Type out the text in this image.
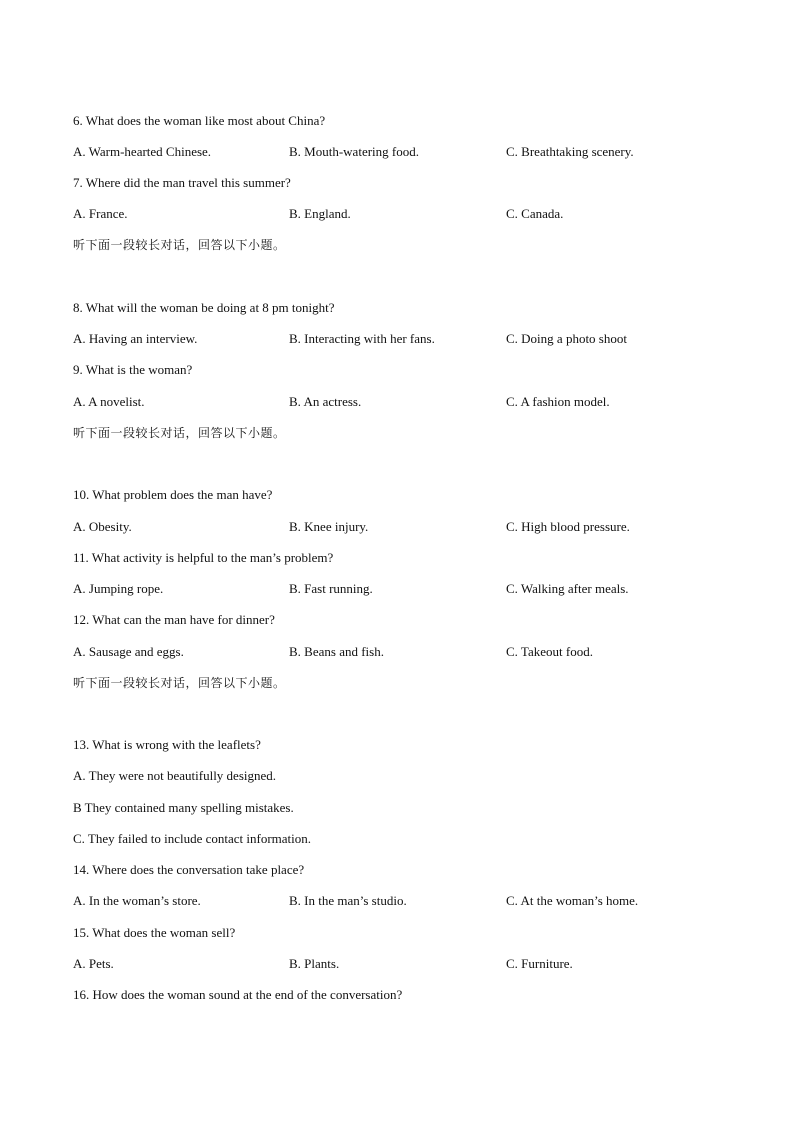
6. What does the woman like most about China?
A. Warm-hearted Chinese.	B. Mouth-watering food.	C. Breathtaking scenery.
7. Where did the man travel this summer?
A. France.	B. England.	C. Canada.
听下面一段较长对话，回答以下小题。
8. What will the woman be doing at 8 pm tonight?
A. Having an interview.	B. Interacting with her fans.	C. Doing a photo shoot
9. What is the woman?
A. A novelist.	B. An actress.	C. A fashion model.
听下面一段较长对话，回答以下小题。
10. What problem does the man have?
A. Obesity.	B. Knee injury.	C. High blood pressure.
11. What activity is helpful to the man’s problem?
A. Jumping rope.	B. Fast running.	C. Walking after meals.
12. What can the man have for dinner?
A. Sausage and eggs.	B. Beans and fish.	C. Takeout food.
听下面一段较长对话，回答以下小题。
13. What is wrong with the leaflets?
A. They were not beautifully designed.
B They contained many spelling mistakes.
C. They failed to include contact information.
14. Where does the conversation take place?
A. In the woman’s store.	B. In the man’s studio.	C. At the woman’s home.
15. What does the woman sell?
A. Pets.	B. Plants.	C. Furniture.
16. How does the woman sound at the end of the conversation?
